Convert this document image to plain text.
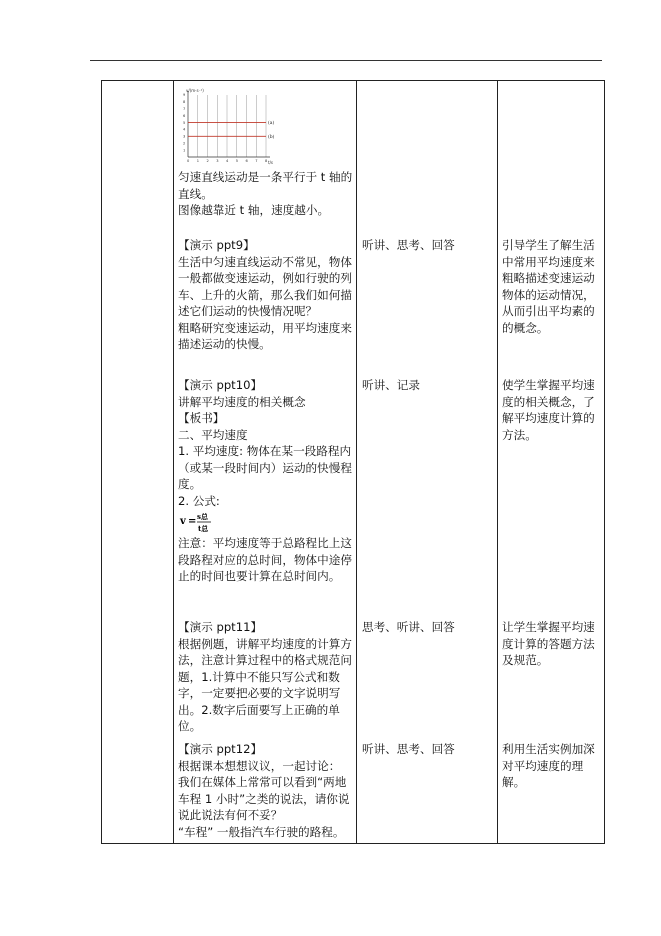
0 1 2 3 4 5 6 7 8
1
2
3
4
5
6
7
8
9
(a)
(b)
v/(m·s⁻¹)
t/s
匀速直线运动是一条平行于 t 轴的直线。
图像越靠近 t 轴，速度越小。
【演示 ppt9】
生活中匀速直线运动不常见，物体一般都做变速运动，例如行驶的列车、上升的火箭，那么我们如何描述它们运动的快慢情况呢？
粗略研究变速运动，用平均速度来描述运动的快慢。
听讲、思考、回答	引导学生了解生活中常用平均速度来粗略描述变速运动物体的运动情况，从而引出平均素的的概念。
【演示 ppt10】
讲解平均速度的相关概念
【板书】
二、平均速度
1. 平均速度: 物体在某一段路程内（或某一段时间内）运动的快慢程度。
2. 公式:
v = s总
t总
注意：平均速度等于总路程比上这段路程对应的总时间，物体中途停止的时间也要计算在总时间内。
听讲、记录	使学生掌握平均速度的相关概念，了解平均速度计算的方法。
【演示 ppt11】
根据例题，讲解平均速度的计算方法，注意计算过程中的格式规范问题，1.计算中不能只写公式和数字，一定要把必要的文字说明写出。2.数字后面要写上正确的单位。
思考、听讲、回答	让学生掌握平均速度计算的答题方法及规范。
【演示 ppt12】
根据课本想想议议，一起讨论：
我们在媒体上常常可以看到“两地车程 1 小时”之类的说法，请你说说此说法有何不妥？
“车程” 一般指汽车行驶的路程。
听讲、思考、回答	利用生活实例加深对平均速度的理解。
